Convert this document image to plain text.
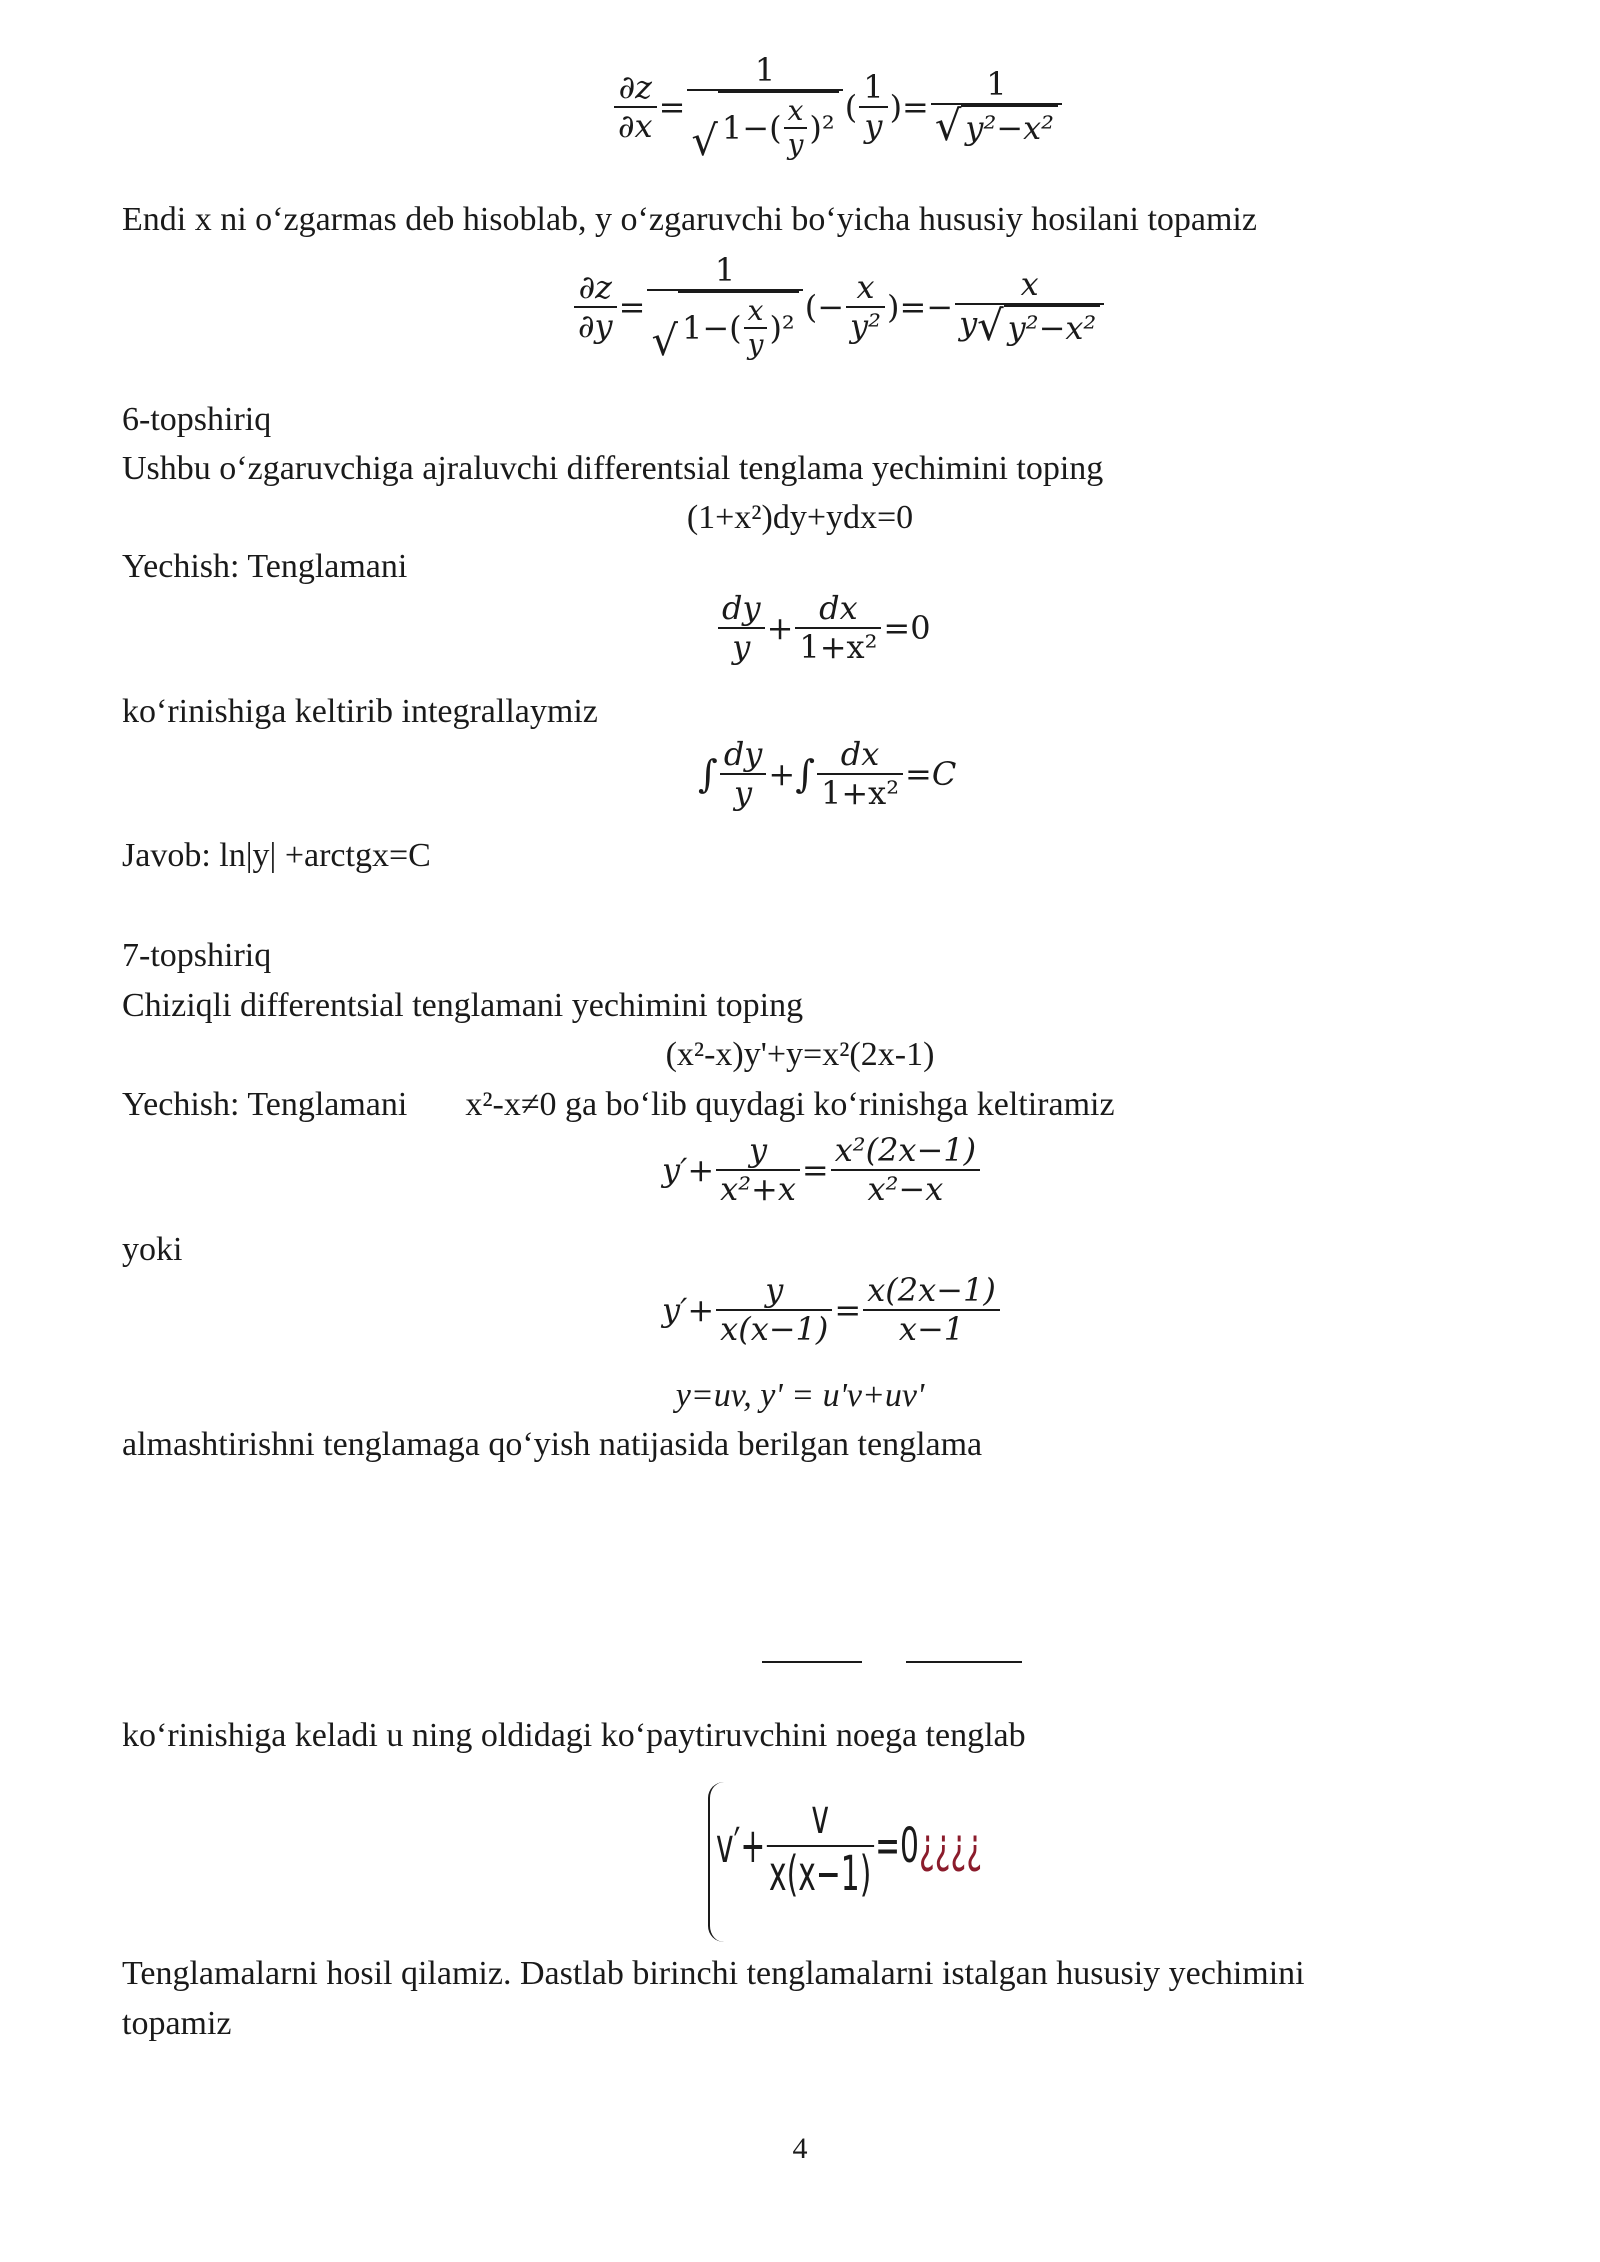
$\frac{\partial z}{\partial x} = \frac{1}{√ 1-( \frac{x}{y} )^2}$ ( $\frac{1}{y}$ )= $\frac{1}{\text{√ y²−x²}}$

Endi x ni o‘zgarmas deb hisoblab, y o‘zgaruvchi bo‘yicha hususiy hosilani topamiz

$\frac{\partial z}{\partial y} = \frac{1}{√ 1-( \frac{x}{y} )^2}$ (− $\frac{x}{\text{y²}}$ )=− $\frac{x}{\text{y √ y²−x²}}$

6-topshiriq

Ushbu o‘zgaruvchiga ajraluvchi differentsial tenglama yechimini toping

(1+x²)dy+ydx=0

Yechish: Tenglamani

$\frac{dy}{y} + \frac{dx}{\text{1+x²}} =0$

ko‘rinishiga keltirib integrallaymiz

∫ $\frac{dy}{y}$ + ∫ $\frac{dx}{\text{1+x²}} =C$

Javob: ln|y| +arctgx=C

7-topshiriq

Chiziqli differentsial tenglamani yechimini toping

(x²-x)y'+y=x²(2x-1)

Yechish: Tenglamani x²-x≠0 ga bo‘lib quydagi ko‘rinishga keltiramiz

$y'+ \frac{y}{\text{x²+x}} = \frac{\text{x²(2x−1)}}{\text{x²−x}}$

yoki

$y'+ \frac{y}{x(x-1)} = \frac{x(2x-1)}{x-1}$

y=uv, y' = u'v+uv'

almashtirishni tenglamaga qo‘yish natijasida berilgan tenglama

ko‘rinishiga keladi u ning oldidagi ko‘paytiruvchini noega tenglab

$v'+ \frac{v}{x(x-1)} =0$ ¿¿¿¿

Tenglamalarni hosil qilamiz. Dastlab birinchi tenglamalarni istalgan hususiy yechimini

topamiz

4
